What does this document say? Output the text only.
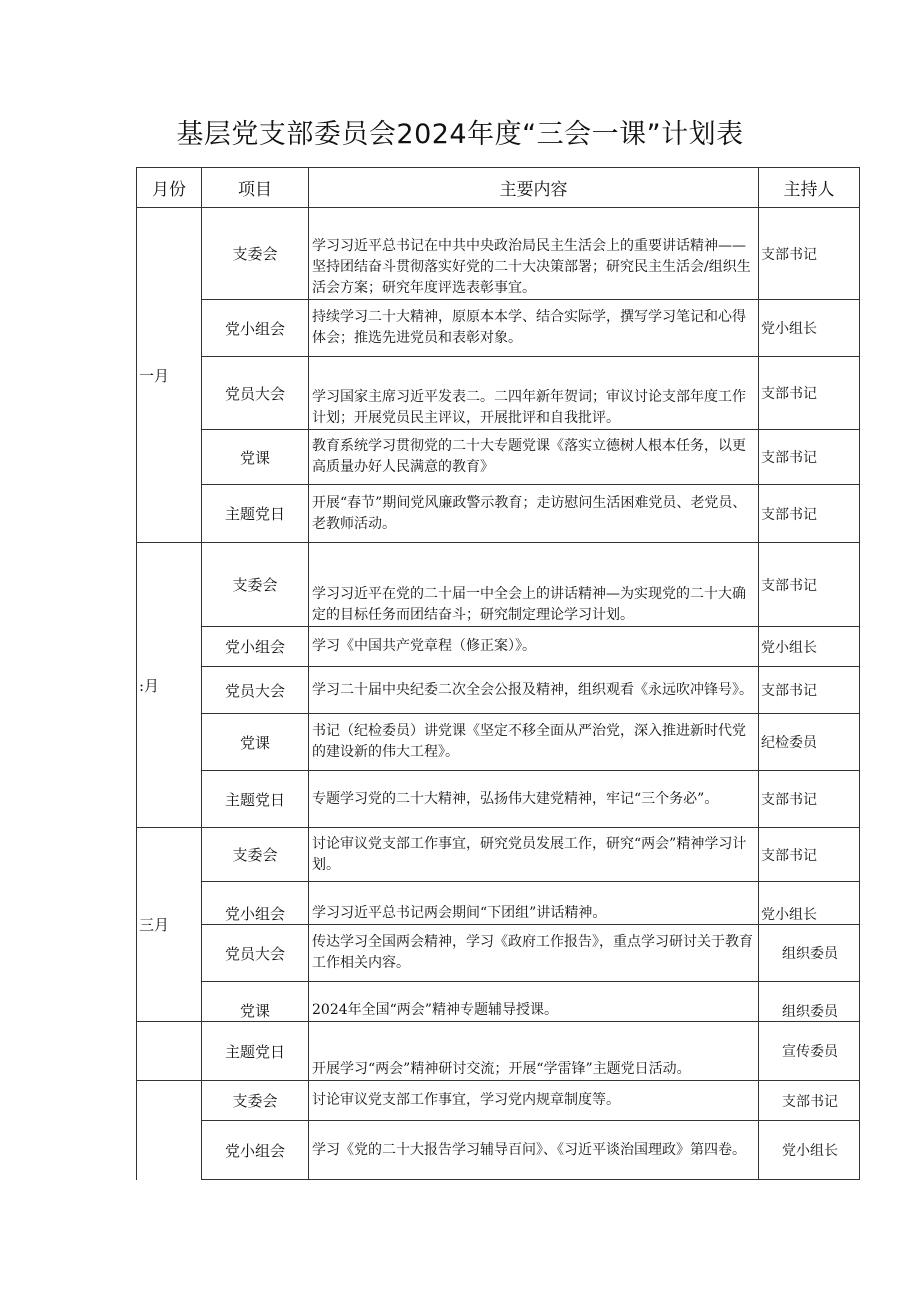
基层党支部委员会2024年度“三会一课”计划表
月份	项目	主要内容	主持人
一月	支委会	学习习近平总书记在中共中央政治局民主生活会上的重要讲话精神——坚持团结奋斗贯彻落实好党的二十大决策部署；研究民主生活会/组织生活会方案；研究年度评选表彰事宜。	支部书记
	党小组会	持续学习二十大精神，原原本本学、结合实际学，撰写学习笔记和心得体会；推选先进党员和表彰对象。	党小组长
	党员大会	学习国家主席习近平发表二。二四年新年贺词；审议讨论支部年度工作计划；开展党员民主评议，开展批评和自我批评。	支部书记
	党课	教育系统学习贯彻党的二十大专题党课《落实立德树人根本任务，以更高质量办好人民满意的教育》	支部书记
	主题党日	开展“春节”期间党风廉政警示教育；走访慰问生活困难党员、老党员、老教师活动。	支部书记
:月	支委会	学习习近平在党的二十届一中全会上的讲话精神—为实现党的二十大确定的目标任务而团结奋斗；研究制定理论学习计划。	支部书记
	党小组会	学习《中国共产党章程（修正案）》。	党小组长
	党员大会	学习二十届中央纪委二次全会公报及精神，组织观看《永远吹冲锋号》。	支部书记
	党课	书记（纪检委员）讲党课《坚定不移全面从严治党，深入推进新时代党的建设新的伟大工程》。	纪检委员
	主题党日	专题学习党的二十大精神，弘扬伟大建党精神，牢记“三个务必”。	支部书记
三月	支委会	讨论审议党支部工作事宜，研究党员发展工作，研究“两会”精神学习计划。	支部书记
	党小组会	学习习近平总书记两会期间“下团组”讲话精神。	党小组长
	党员大会	传达学习全国两会精神，学习《政府工作报告》，重点学习研讨关于教育工作相关内容。	组织委员
	党课	2024年全国“两会”精神专题辅导授课。	组织委员
	主题党日	开展学习“两会”精神研讨交流；开展“学雷锋”主题党日活动。	宣传委员
	支委会	讨论审议党支部工作事宜，学习党内规章制度等。	支部书记
	党小组会	学习《党的二十大报告学习辅导百问》、《习近平谈治国理政》第四卷。	党小组长
